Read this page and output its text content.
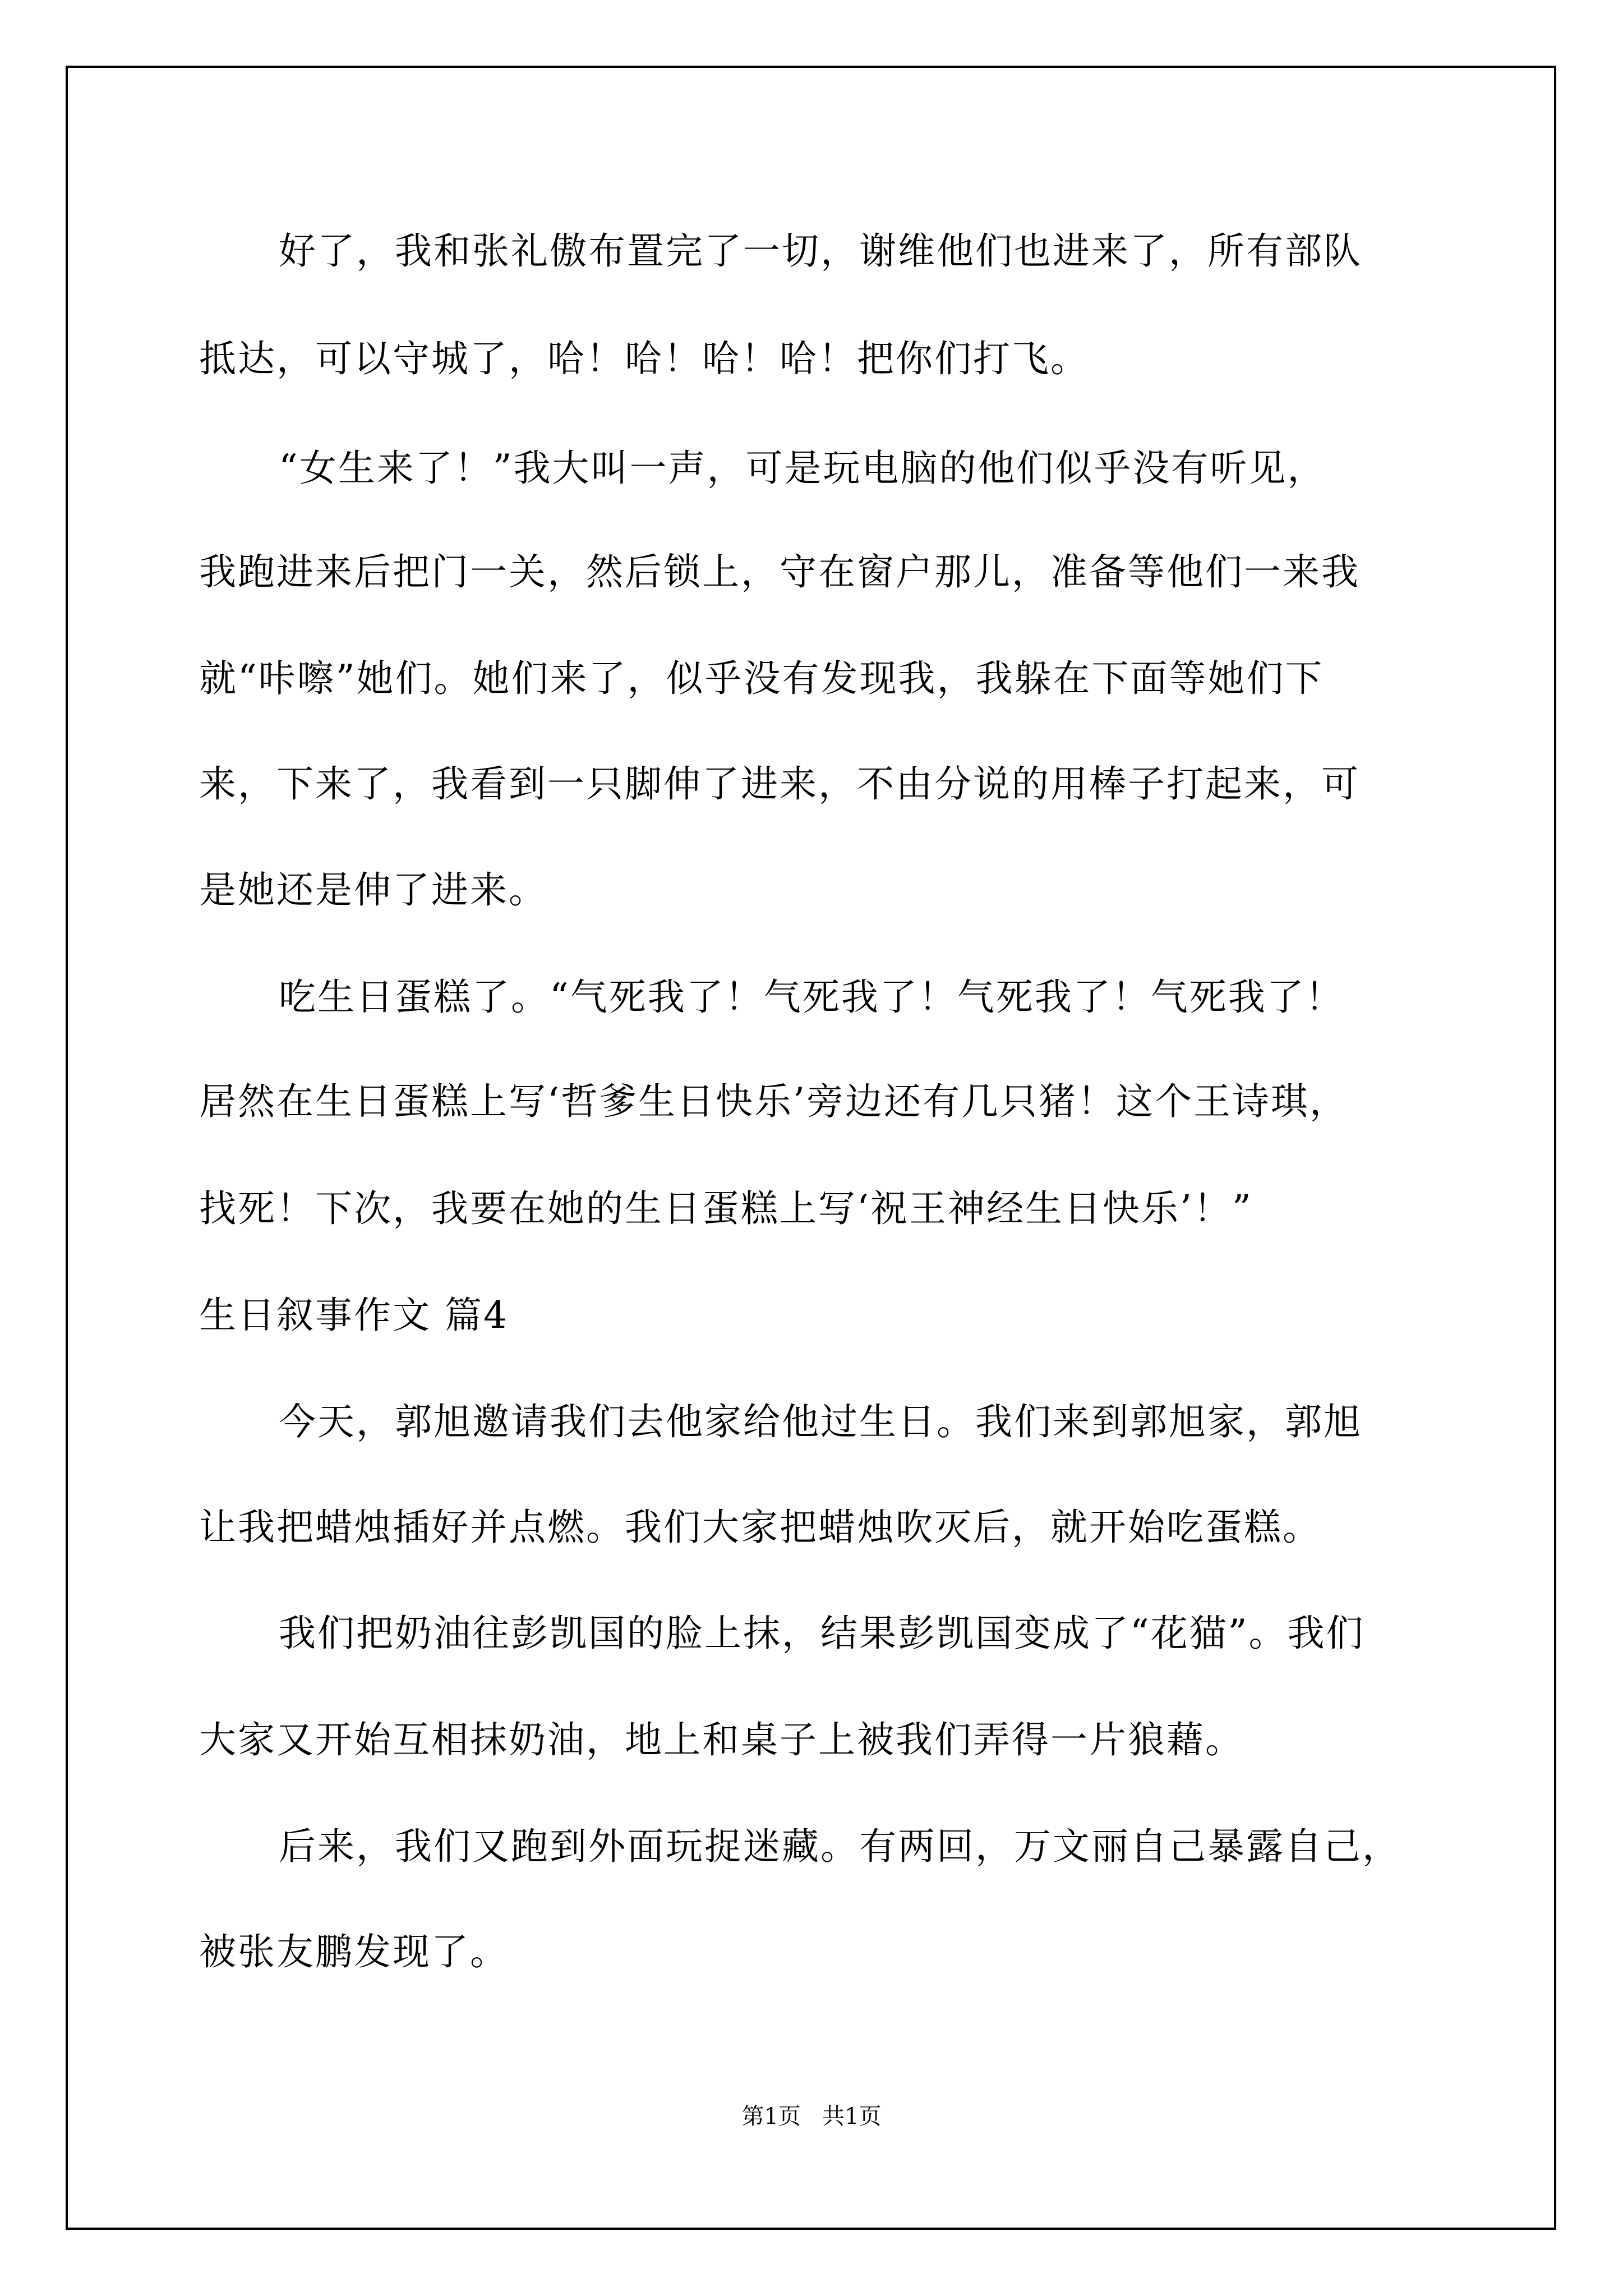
好了，我和张礼傲布置完了一切，谢维他们也进来了，所有部队
抵达，可以守城了，哈！哈！哈！哈！把你们打飞。
“女生来了！”我大叫一声，可是玩电脑的他们似乎没有听见，
我跑进来后把门一关，然后锁上，守在窗户那儿，准备等他们一来我
就“咔嚓”她们。她们来了，似乎没有发现我，我躲在下面等她们下
来，下来了，我看到一只脚伸了进来，不由分说的用棒子打起来，可
是她还是伸了进来。
吃生日蛋糕了。“气死我了！气死我了！气死我了！气死我了！
居然在生日蛋糕上写‘哲爹生日快乐’旁边还有几只猪！这个王诗琪，
找死！下次，我要在她的生日蛋糕上写‘祝王神经生日快乐’！”
生日叙事作文 篇4
今天，郭旭邀请我们去他家给他过生日。我们来到郭旭家，郭旭
让我把蜡烛插好并点燃。我们大家把蜡烛吹灭后，就开始吃蛋糕。
我们把奶油往彭凯国的脸上抹，结果彭凯国变成了“花猫”。我们
大家又开始互相抹奶油，地上和桌子上被我们弄得一片狼藉。
后来，我们又跑到外面玩捉迷藏。有两回，万文丽自己暴露自己，
被张友鹏发现了。
第1页   共1页
